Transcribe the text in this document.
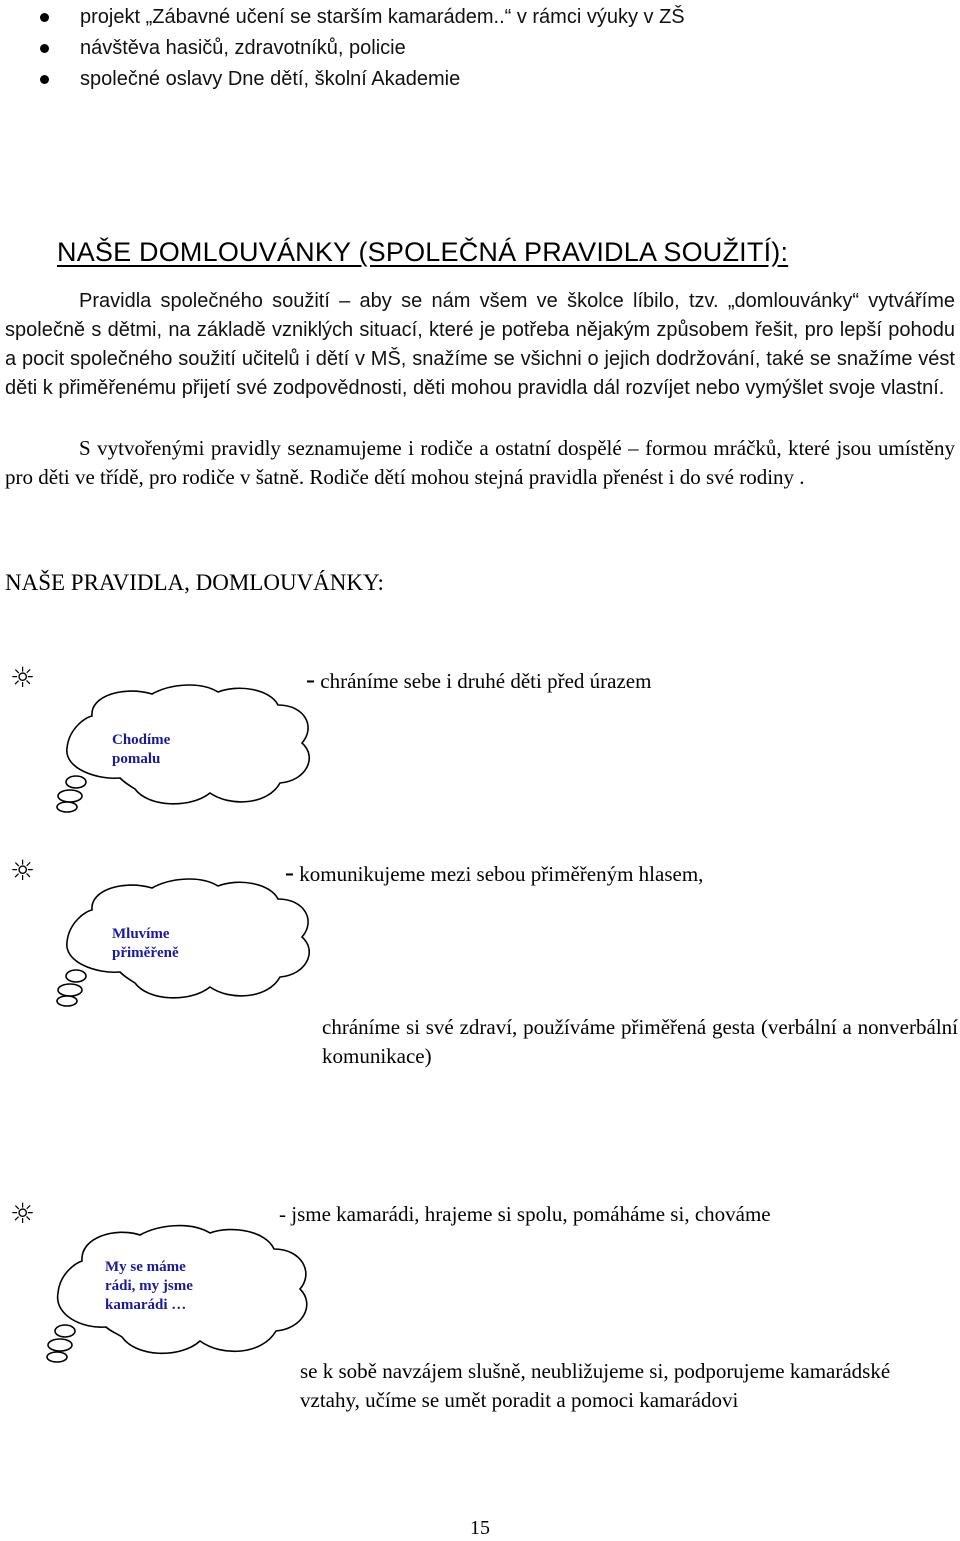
projekt „Zábavné učení se starším kamarádem..“ v rámci výuky v ZŠ
návštěva hasičů, zdravotníků, policie
společné oslavy Dne dětí, školní Akademie
NAŠE DOMLOUVÁNKY (SPOLEČNÁ PRAVIDLA SOUŽITÍ):
Pravidla společného soužití – aby se nám všem ve školce líbilo, tzv. „domlouvánky“ vytváříme společně s dětmi, na základě vzniklých situací, které je potřeba nějakým způsobem řešit, pro lepší pohodu a pocit společného soužití učitelů i dětí v MŠ, snažíme se všichni o jejich dodržování, také se snažíme vést děti k přiměřenému přijetí své zodpovědnosti, děti mohou pravidla dál rozvíjet nebo vymýšlet svoje vlastní.
S vytvořenými pravidly seznamujeme i rodiče a ostatní dospělé – formou mráčků, které jsou umístěny pro děti ve třídě, pro rodiče v šatně. Rodiče dětí mohou stejná pravidla přenést i do své rodiny .
NAŠE PRAVIDLA, DOMLOUVÁNKY:
☼	- chráníme sebe i druhé děti před úrazem
Chodíme
pomalu
☼	- komunikujeme mezi sebou přiměřeným hlasem,
Mluvíme
přiměřeně
chráníme si své zdraví, používáme přiměřená gesta (verbální a nonverbální komunikace)
☼	- jsme kamarádi, hrajeme si spolu, pomáháme si, chováme
My se máme
rádi, my jsme
kamarádi …
se k sobě navzájem slušně, neubližujeme si, podporujeme kamarádské vztahy, učíme se umět poradit a pomoci kamarádovi
15
